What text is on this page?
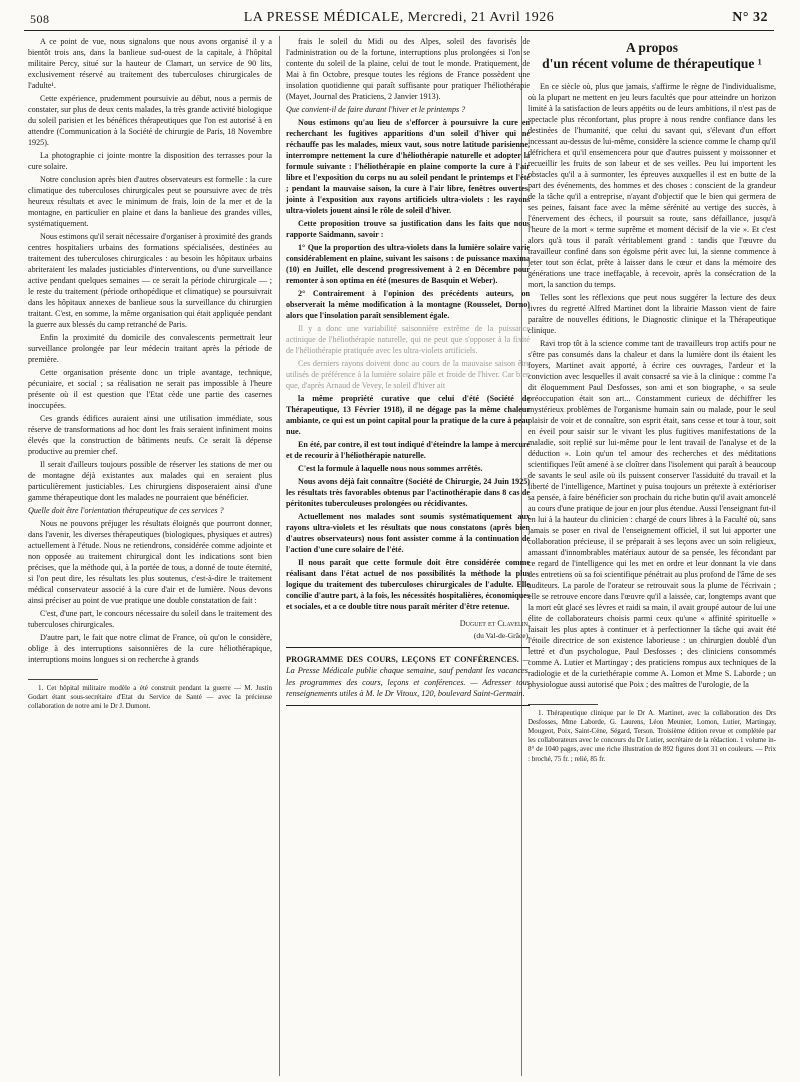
508	LA PRESSE MÉDICALE, Mercredi, 21 Avril 1926	N° 32

A ce point de vue, nous signalons que nous avons organisé il y a bientôt trois ans, dans la banlieue sud-ouest de la capitale, à l'hôpital militaire Percy, situé sur la hauteur de Clamart, un service de 90 lits, exclusivement réservé au traitement des tuberculoses chirurgicales de l'adulte¹.

Cette expérience, prudemment poursuivie au début, nous a permis de constater, sur plus de deux cents malades, la très grande activité biologique du soleil parisien et les bénéfices thérapeutiques que l'on est autorisé à en attendre (Communication à la Société de chirurgie de Paris, 18 Novembre 1925).

La photographie ci jointe montre la disposition des terrasses pour la cure solaire.

Notre conclusion après bien d'autres observateurs est formelle : la cure climatique des tuberculoses chirurgicales peut se poursuivre avec de très heureux résultats et avec le minimum de frais, loin de la mer et de la montagne, en particulier en plaine et dans la banlieue des grandes villes, systématiquement.

Nous estimons qu'il serait nécessaire d'organiser à proximité des grands centres hospitaliers urbains des formations spécialisées, destinées au traitement des tuberculoses chirurgicales : au besoin les hôpitaux urbains abriteraient les malades justiciables d'interventions, ou d'une surveillance active pendant quelques semaines — ce serait la période chirurgicale — ; le reste du traitement (période orthopédique et climatique) se poursuivrait dans les hôpitaux annexes de banlieue sous la surveillance du chirurgien traitant. C'est, en somme, la même organisation qui était appliquée pendant la guerre aux blessés du camp retranché de Paris.

Enfin la proximité du domicile des convalescents permettrait leur surveillance prolongée par leur médecin traitant après la période de première.

Cette organisation présente donc un triple avantage, technique, pécuniaire, et social ; sa réalisation ne serait pas impossible à l'heure présente où il est question que l'Etat cède une partie des casernes inoccupées.

Ces grands édifices auraient ainsi une utilisation immédiate, sous réserve de transformations ad hoc dont les frais seraient infiniment moins élevés que la construction de bâtiments neufs. Ce serait là dépense productive au premier chef.

Il serait d'ailleurs toujours possible de réserver les stations de mer ou de montagne déjà existantes aux malades qui en seraient plus particulièrement justiciables. Les chirurgiens disposeraient ainsi d'une gamme thérapeutique dont les malades ne pourraient que bénéficier.

Quelle doit être l'orientation thérapeutique de ces services ?

Nous ne pouvons préjuger les résultats éloignés que pourront donner, dans l'avenir, les diverses thérapeutiques (biologiques, physiques et autres) actuellement à l'étude. Nous ne retiendrons, considérée comme adjointe et non opposée au traitement chirurgical dont les indications sont bien précises, que la méthode qui, à la portée de tous, a donné de toute éternité, si l'on peut dire, les résultats les plus soutenus, c'est-à-dire le traitement médical conservateur associé à la cure d'air et de lumière. Nous devons ainsi préciser au point de vue pratique une double constatation de fait :

C'est, d'une part, le concours nécessaire du soleil dans le traitement des tuberculoses chirurgicales.

D'autre part, le fait que notre climat de France, où qu'on le considère, oblige à des interruptions saisonnières de la cure héliothérapique, interruptions moins longues si on recherche à grands

1. Cet hôpital militaire modèle a été construit pendant la guerre — M. Justin Godart étant sous-secrétaire d'Etat du Service de Santé — avec la précieuse collaboration de notre ami le Dr J. Dumont.

frais le soleil du Midi ou des Alpes, soleil des favorisés de l'administration ou de la fortune, interruptions plus prolongées si l'on se contente du soleil de la plaine, celui de tout le monde. Pratiquement, de Mai à fin Octobre, presque toutes les régions de France possèdent une insolation quotidienne qui paraît suffisante pour pratiquer l'héliothérapie (Mayet, Journal des Praticiens, 2 Janvier 1913).

Que convient-il de faire durant l'hiver et le printemps ?

Nous estimons qu'au lieu de s'efforcer à poursuivre la cure en recherchant les fugitives apparitions d'un soleil d'hiver qui ne réchauffe pas les malades, mieux vaut, sous notre latitude parisienne, interrompre nettement la cure d'héliothérapie naturelle et adopter la formule suivante : l'héliothérapie en plaine comporte la cure à l'air libre et l'exposition du corps nu au soleil pendant le printemps et l'été ; pendant la mauvaise saison, la cure à l'air libre, fenêtres ouvertes, jointe à l'exposition aux rayons artificiels ultra-violets : les rayons ultra-violets jouent ainsi le rôle de soleil d'hiver.

Cette proposition trouve sa justification dans les faits que nous rapporte Saidmann, savoir :

1° Que la proportion des ultra-violets dans la lumière solaire varie considérablement en plaine, suivant les saisons : de puissance maxima (10) en Juillet, elle descend progressivement à 2 en Décembre pour remonter à son optima en été (mesures de Basquin et Weber).

2° Contrairement à l'opinion des précédents auteurs, on observerait la même modification à la montagne (Rousselet, Dorno) alors que l'insolation paraît sensiblement égale.

Il y a donc une variabilité saisonnière extrême de la puissance actinique de l'héliothérapie naturelle, qui ne peut que s'opposer à la fixité de l'héliothérapie pratiquée avec les ultra-violets artificiels.

Ces derniers rayons doivent donc au cours de la mauvaise saison être utilisés de préférence à la lumière solaire pâle et froide de l'hiver. Car bien que, d'après Arnaud de Vevey, le soleil d'hiver ait

la même propriété curative que celui d'été (Société de Thérapeutique, 13 Février 1918), il ne dégage pas la même chaleur ambiante, ce qui est un point capital pour la pratique de la cure à peau nue.

En été, par contre, il est tout indiqué d'éteindre la lampe à mercure et de recourir à l'héliothérapie naturelle.

C'est la formule à laquelle nous nous sommes arrêtés.

Nous avons déjà fait connaître (Société de Chirurgie, 24 Juin 1925) les résultats très favorables obtenus par l'actinothérapie dans 8 cas de péritonites tuberculeuses prolongées ou récidivantes.

Actuellement nos malades sont soumis systématiquement aux rayons ultra-violets et les résultats que nous constatons (après bien d'autres observateurs) nous font assister comme à la continuation de l'action d'une cure solaire de l'été.

Il nous paraît que cette formule doit être considérée comme réalisant dans l'état actuel de nos possibilités la méthode la plus logique du traitement des tuberculoses chirurgicales de l'adulte. Elle concilie d'autre part, à la fois, les nécessités hospitalières, économiques et sociales, et a ce double titre nous paraît mériter d'être retenue.

Duguet et Clavelin,

(du Val-de-Grâce).

PROGRAMME DES COURS, LEÇONS ET CONFÉRENCES. — La Presse Médicale publie chaque semaine, sauf pendant les vacances, les programmes des cours, leçons et conférences. — Adresser tous renseignements utiles à M. le Dr Vitoux, 120, boulevard Saint-Germain.
A propos
d'un récent volume de thérapeutique ¹

En ce siècle où, plus que jamais, s'affirme le règne de l'individualisme, où la plupart ne mettent en jeu leurs facultés que pour atteindre un horizon limité à la satisfaction de leurs appétits ou de leurs ambitions, il n'est pas de spectacle plus réconfortant, plus propre à nous rendre confiance dans les destinées de l'humanité, que celui du savant qui, s'élevant d'un effort incessant au-dessus de lui-même, considère la science comme le champ qu'il défrichera et qu'il ensemencera pour que d'autres puissent y moissonner et recueillir les fruits de son labeur et de ses veilles. Peu lui importent les obstacles qu'il a à surmonter, les épreuves auxquelles il est en butte de la part des événements, des hommes et des choses : conscient de la grandeur de la tâche qu'il a entreprise, n'ayant d'objectif que le bien qui germera de ses peines, faisant face avec la même sérénité au vertige des succès, à l'énervement des échecs, il poursuit sa route, sans défaillance, jusqu'à l'heure de la mort « terme suprême et moment décisif de la vie ». Et c'est alors qu'à tous il paraît véritablement grand : tandis que l'œuvre du travailleur confiné dans son égoïsme périt avec lui, la sienne commence à jeter tout son éclat, prête à laisser dans le cœur et dans la mémoire des générations une trace ineffaçable, à recevoir, après la consécration de la mort, la sanction du temps.

Telles sont les réflexions que peut nous suggérer la lecture des deux livres du regretté Alfred Martinet dont la librairie Masson vient de faire paraître de nouvelles éditions, le Diagnostic clinique et la Thérapeutique clinique.

Ravi trop tôt à la science comme tant de travailleurs trop actifs pour ne s'être pas consumés dans la chaleur et dans la lumière dont ils étaient les foyers, Martinet avait apporté, à écrire ces ouvrages, l'ardeur et la conviction avec lesquelles il avait consacré sa vie à la clinique : comme l'a dit éloquemment Paul Desfosses, son ami et son biographe, « sa seule préoccupation était son art... Constamment curieux de déchiffrer les mystérieux problèmes de l'organisme humain sain ou malade, pour le seul plaisir de voir et de connaître, son esprit était, sans cesse et tour à tour, soit en éveil pour saisir sur le vivant les plus fugitives manifestations de la maladie, soit replié sur lui-même pour le lent travail de l'analyse et de la déduction ». Loin qu'un tel amour des recherches et des méditations scientifiques l'eût amené à se cloîtrer dans l'isolement qui paraît à beaucoup de savants le seul asile où ils puissent conserver l'assiduité du travail et la liberté de l'intelligence, Martinet y puisa toujours un prétexte à extérioriser sa pensée, à faire bénéficier son prochain du riche butin qu'il avait amoncelé au cours d'une pratique de jour en jour plus étendue. Aussi l'enseignant fut-il en lui à la hauteur du clinicien : chargé de cours libres à la Faculté où, sans jamais se poser en rival de l'enseignement officiel, il sut lui apporter une collaboration précieuse, il se préparait à ses leçons avec un soin religieux, amassant d'innombrables matériaux autour de sa pensée, les fécondant par ce regard de l'intelligence qui les met en ordre et leur donnant la vie dans des entretiens où sa foi scientifique pénétrait au plus profond de l'âme de ses auditeurs. La parole de l'orateur se retrouvait sous la plume de l'écrivain ; elle se retrouve encore dans l'œuvre qu'il a laissée, car, longtemps avant que la mort eût glacé ses lèvres et raidi sa main, il avait groupé autour de lui une élite de collaborateurs choisis parmi ceux qu'une « affinité spirituelle » faisait les plus aptes à continuer et à perfectionner la tâche qui avait été l'étoile directrice de son existence laborieuse : un chirurgien doublé d'un lettré et d'un psychologue, Paul Desfosses ; des cliniciens consommés comme A. Lutier et Martingay ; des praticiens rompus aux techniques de la radiologie et de la curiethérapie comme A. Lomon et Mme S. Laborde ; un physiologue aussi autorisé que Poix ; des maîtres de l'urologie, de la

1. Thérapeutique clinique par le Dr A. Martinet, avec la collaboration des Drs Desfosses, Mme Laborde, G. Laurens, Léon Meunier, Lomon, Lutier, Martingay, Mougeot, Poix, Saint-Cène, Ségard, Terson. Troisième édition revue et complétée par les collaborateurs avec le concours du Dr Lutier, secrétaire de la rédaction. 1 volume in-8° de 1040 pages, avec une riche illustration de 892 figures dont 31 en couleurs. — Prix : broché, 75 fr. ; relié, 85 fr.
